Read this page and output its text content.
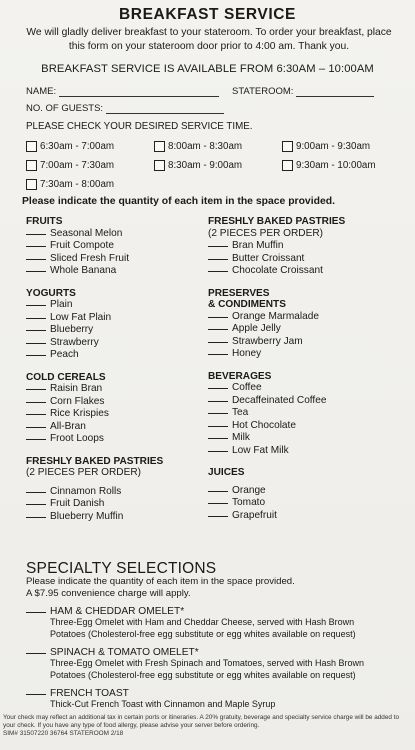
BREAKFAST SERVICE
We will gladly deliver breakfast to your stateroom. To order your breakfast, place this form on your stateroom door prior to 4:00 am. Thank you.
BREAKFAST SERVICE IS AVAILABLE FROM 6:30AM – 10:00AM
NAME:	STATEROOM:
NO. OF GUESTS:
PLEASE CHECK YOUR DESIRED SERVICE TIME.
6:30am - 7:00am	8:00am - 8:30am	9:00am - 9:30am
7:00am - 7:30am	8:30am - 9:00am	9:30am - 10:00am
7:30am - 8:00am
Please indicate the quantity of each item in the space provided.
FRUITS
Seasonal Melon
Fruit Compote
Sliced Fresh Fruit
Whole Banana
YOGURTS
Plain
Low Fat Plain
Blueberry
Strawberry
Peach
COLD CEREALS
Raisin Bran
Corn Flakes
Rice Krispies
All-Bran
Froot Loops
FRESHLY BAKED PASTRIES
(2 PIECES PER ORDER)
Cinnamon Rolls
Fruit Danish
Blueberry Muffin
FRESHLY BAKED PASTRIES
(2 PIECES PER ORDER)
Bran Muffin
Butter Croissant
Chocolate Croissant
PRESERVES
& CONDIMENTS
Orange Marmalade
Apple Jelly
Strawberry Jam
Honey
BEVERAGES
Coffee
Decaffeinated Coffee
Tea
Hot Chocolate
Milk
Low Fat Milk
JUICES
Orange
Tomato
Grapefruit
SPECIALTY SELECTIONS
Please indicate the quantity of each item in the space provided.
A $7.95 convenience charge will apply.
HAM & CHEDDAR OMELET*
Three-Egg Omelet with Ham and Cheddar Cheese, served with Hash Brown
Potatoes (Cholesterol-free egg substitute or egg whites available on request)
SPINACH & TOMATO OMELET*
Three-Egg Omelet with Fresh Spinach and Tomatoes, served with Hash Brown
Potatoes (Cholesterol-free egg substitute or egg whites available on request)
FRENCH TOAST
Thick-Cut French Toast with Cinnamon and Maple Syrup
Your check may reflect an additional tax in certain ports or itineraries. A 20% gratuity, beverage and specialty service charge will be added to
your check. If you have any type of food allergy, please advise your server before ordering.
SIM# 31507220 36764 STATEROOM 2/18
